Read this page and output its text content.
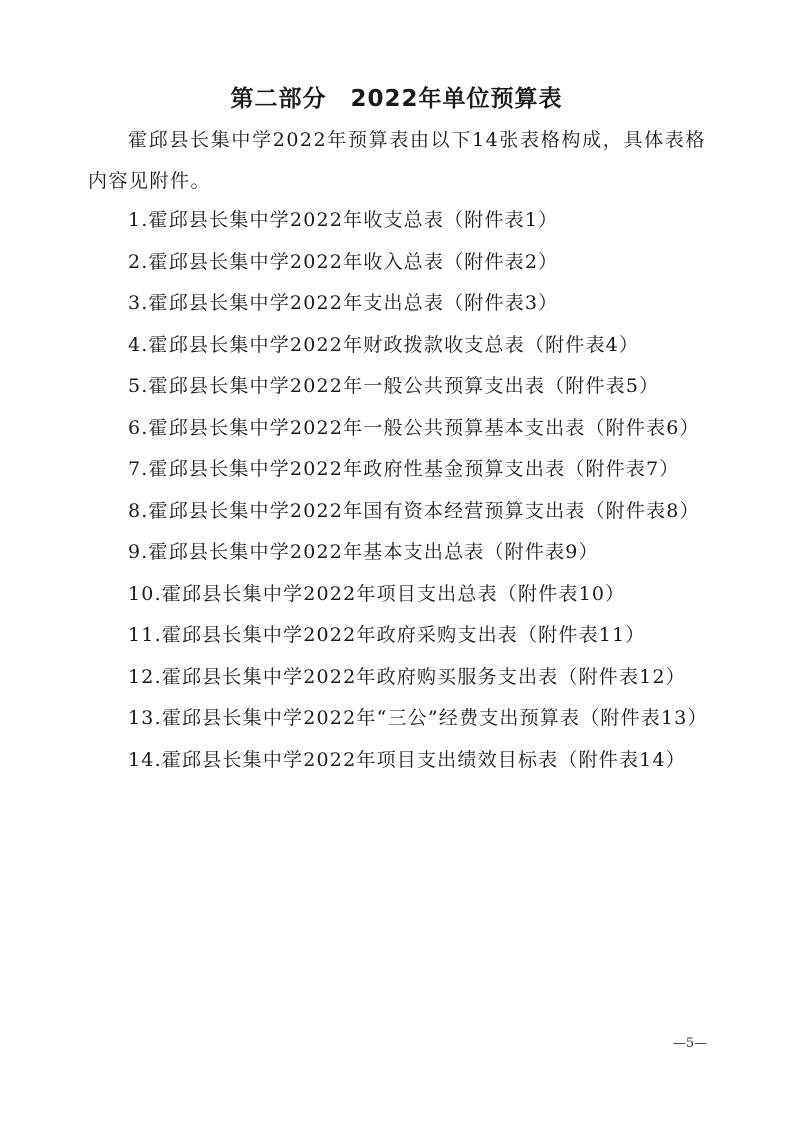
第二部分　2022年单位预算表

霍邱县长集中学2022年预算表由以下14张表格构成，具体表格内容见附件。

1.霍邱县长集中学2022年收支总表（附件表1）
2.霍邱县长集中学2022年收入总表（附件表2）
3.霍邱县长集中学2022年支出总表（附件表3）
4.霍邱县长集中学2022年财政拨款收支总表（附件表4）
5.霍邱县长集中学2022年一般公共预算支出表（附件表5）
6.霍邱县长集中学2022年一般公共预算基本支出表（附件表6）
7.霍邱县长集中学2022年政府性基金预算支出表（附件表7）
8.霍邱县长集中学2022年国有资本经营预算支出表（附件表8）
9.霍邱县长集中学2022年基本支出总表（附件表9）
10.霍邱县长集中学2022年项目支出总表（附件表10）
11.霍邱县长集中学2022年政府采购支出表（附件表11）
12.霍邱县长集中学2022年政府购买服务支出表（附件表12）
13.霍邱县长集中学2022年“三公”经费支出预算表（附件表13）
14.霍邱县长集中学2022年项目支出绩效目标表（附件表14）
—5—
